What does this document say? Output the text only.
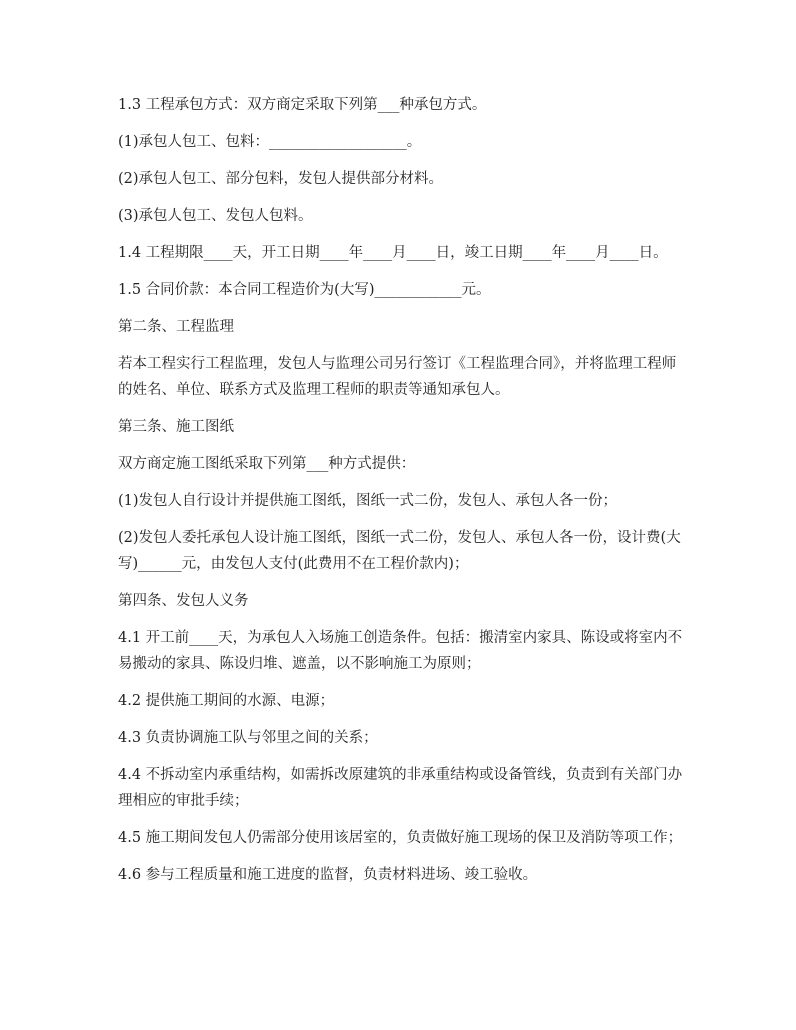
1.3 工程承包方式：双方商定采取下列第___种承包方式。

(1)承包人包工、包料：___________________。

(2)承包人包工、部分包料，发包人提供部分材料。

(3)承包人包工、发包人包料。

1.4 工程期限____天，开工日期____年____月____日，竣工日期____年____月____日。

1.5 合同价款：本合同工程造价为(大写)____________元。

第二条、工程监理

若本工程实行工程监理，发包人与监理公司另行签订《工程监理合同》，并将监理工程师的姓名、单位、联系方式及监理工程师的职责等通知承包人。

第三条、施工图纸

双方商定施工图纸采取下列第___种方式提供：

(1)发包人自行设计并提供施工图纸，图纸一式二份，发包人、承包人各一份；

(2)发包人委托承包人设计施工图纸，图纸一式二份，发包人、承包人各一份，设计费(大写)______元，由发包人支付(此费用不在工程价款内)；

第四条、发包人义务

4.1 开工前____天，为承包人入场施工创造条件。包括：搬清室内家具、陈设或将室内不易搬动的家具、陈设归堆、遮盖，以不影响施工为原则；

4.2 提供施工期间的水源、电源；

4.3 负责协调施工队与邻里之间的关系；

4.4 不拆动室内承重结构，如需拆改原建筑的非承重结构或设备管线，负责到有关部门办理相应的审批手续；

4.5 施工期间发包人仍需部分使用该居室的，负责做好施工现场的保卫及消防等项工作；

4.6 参与工程质量和施工进度的监督，负责材料进场、竣工验收。
